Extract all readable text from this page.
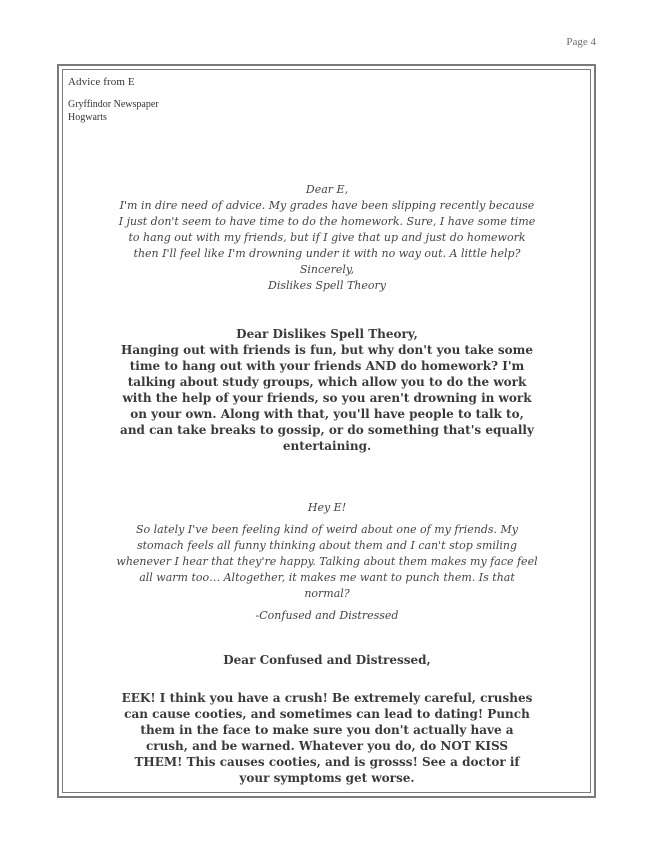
Page 4
Advice from E
Gryffindor Newspaper
Hogwarts

Dear E,

I'm in dire need of advice. My grades have been slipping recently because I just don't seem to have time to do the homework. Sure, I have some time to hang out with my friends, but if I give that up and just do homework then I'll feel like I'm drowning under it with no way out. A little help?

Sincerely,

Dislikes Spell Theory

Dear Dislikes Spell Theory,

Hanging out with friends is fun, but why don't you take some time to hang out with your friends AND do homework? I'm talking about study groups, which allow you to do the work with the help of your friends, so you aren't drowning in work on your own. Along with that, you'll have people to talk to, and can take breaks to gossip, or do something that's equally entertaining.

Hey E!

So lately I've been feeling kind of weird about one of my friends. My stomach feels all funny thinking about them and I can't stop smiling whenever I hear that they're happy. Talking about them makes my face feel all warm too… Altogether, it makes me want to punch them. Is that normal?

-Confused and Distressed

Dear Confused and Distressed,

EEK! I think you have a crush! Be extremely careful, crushes can cause cooties, and sometimes can lead to dating! Punch them in the face to make sure you don't actually have a crush, and be warned. Whatever you do, do NOT KISS THEM! This causes cooties, and is grosss! See a doctor if your symptoms get worse.
